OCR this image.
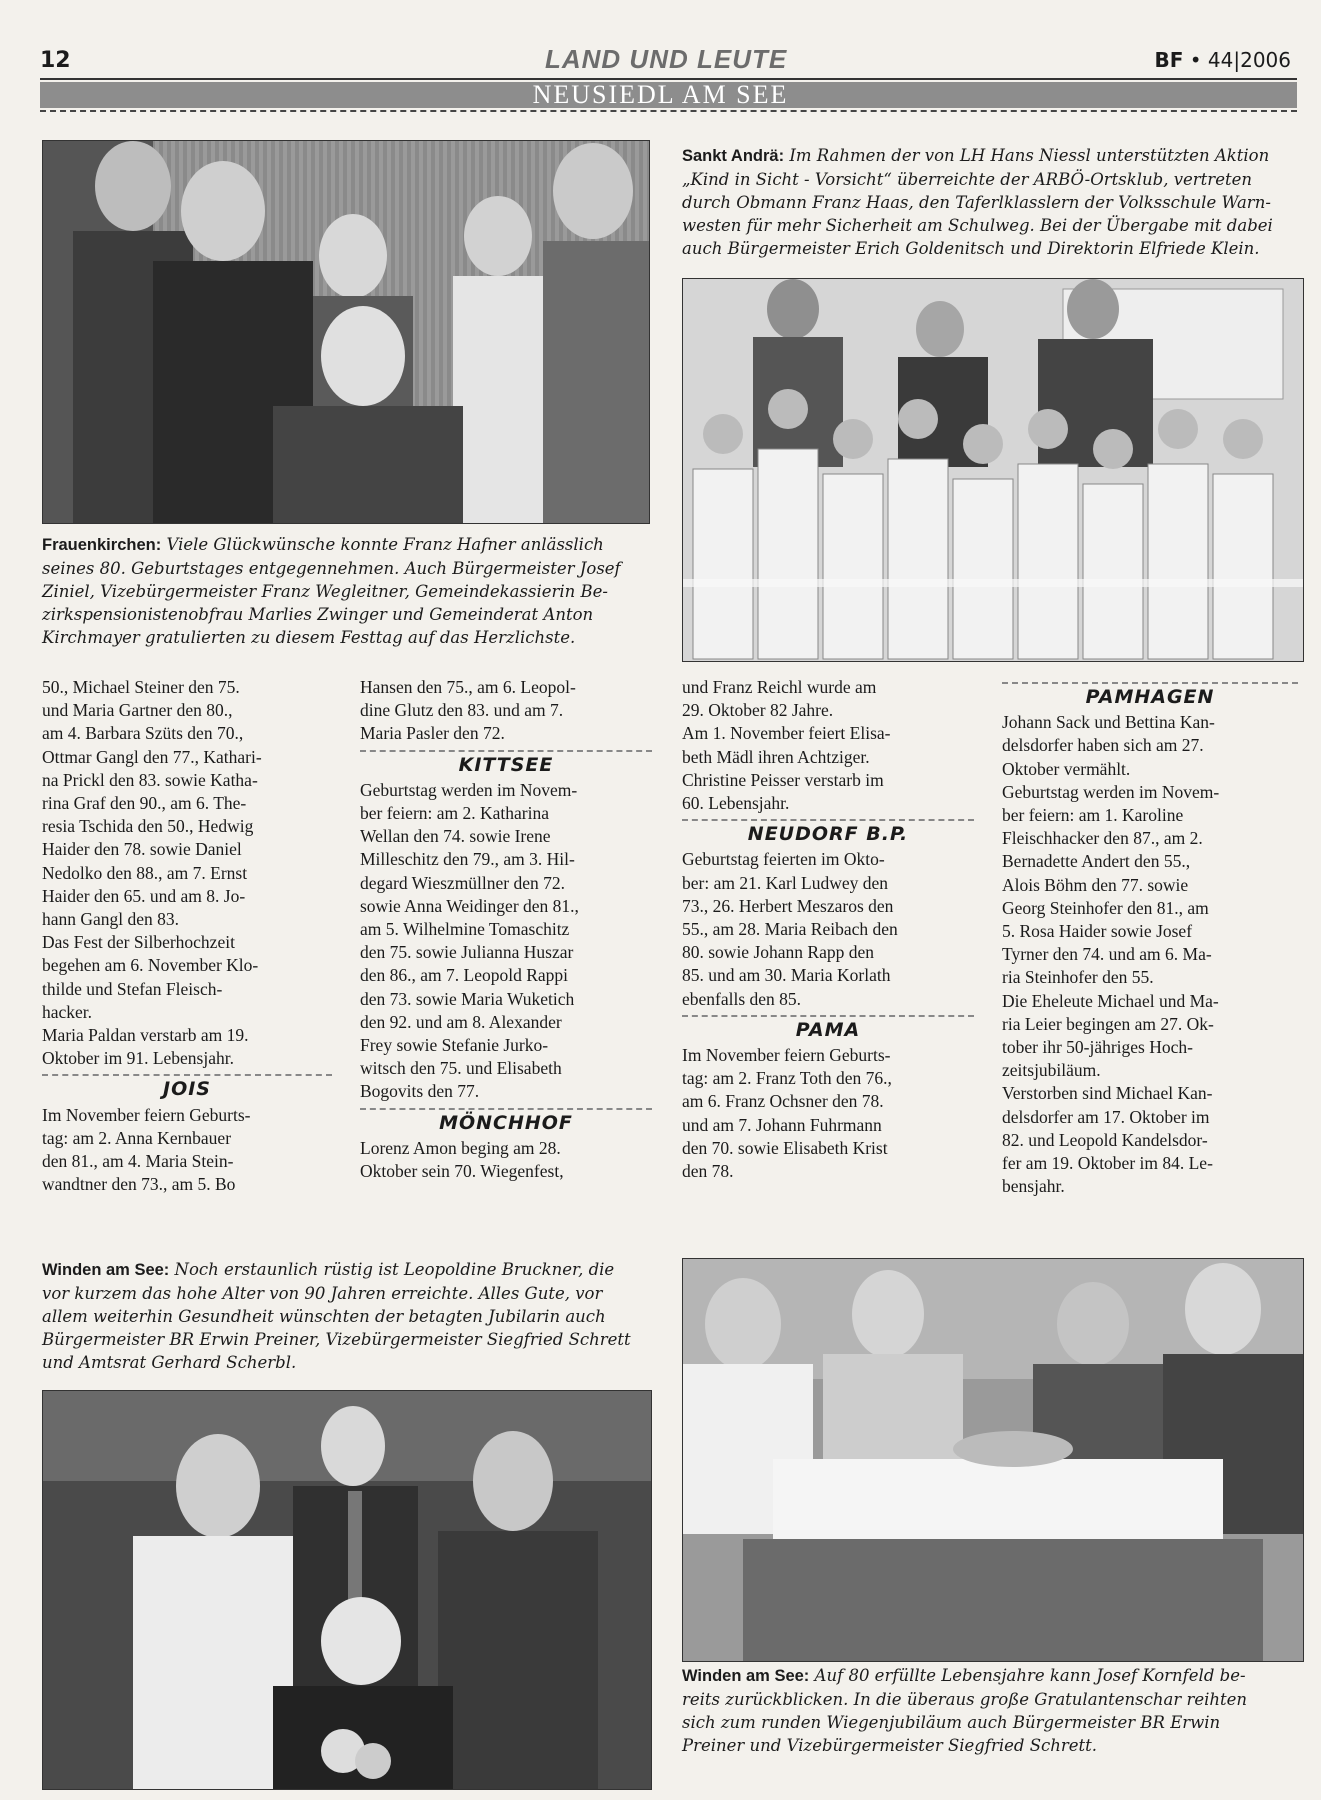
12	LAND UND LEUTE	BF • 44|2006
NEUSIEDL AM SEE
Frauenkirchen: Viele Glückwünsche konnte Franz Hafner anlässlich
seines 80. Geburtstages entgegennehmen. Auch Bürgermeister Josef
Ziniel, Vizebürgermeister Franz Wegleitner, Gemeindekassierin Be-
zirkspensionistenobfrau Marlies Zwinger und Gemeinderat Anton
Kirchmayer gratulierten zu diesem Festtag auf das Herzlichste.
Sankt Andrä: Im Rahmen der von LH Hans Niessl unterstützten Aktion
„Kind in Sicht - Vorsicht“ überreichte der ARBÖ-Ortsklub, vertreten
durch Obmann Franz Haas, den Taferlklasslern der Volksschule Warn-
westen für mehr Sicherheit am Schulweg. Bei der Übergabe mit dabei
auch Bürgermeister Erich Goldenitsch und Direktorin Elfriede Klein.

50., Michael Steiner den 75.

und Maria Gartner den 80.,

am 4. Barbara Szüts den 70.,

Ottmar Gangl den 77., Kathari-

na Prickl den 83. sowie Katha-

rina Graf den 90., am 6. The-

resia Tschida den 50., Hedwig

Haider den 78. sowie Daniel

Nedolko den 88., am 7. Ernst

Haider den 65. und am 8. Jo-

hann Gangl den 83.

Das Fest der Silberhochzeit

begehen am 6. November Klo-

thilde und Stefan Fleisch-

hacker.

Maria Paldan verstarb am 19.

Oktober im 91. Lebensjahr.

JOIS

Im November feiern Geburts-

tag: am 2. Anna Kernbauer

den 81., am 4. Maria Stein-

wandtner den 73., am 5. Bo

Hansen den 75., am 6. Leopol-

dine Glutz den 83. und am 7.

Maria Pasler den 72.

KITTSEE

Geburtstag werden im Novem-

ber feiern: am 2. Katharina

Wellan den 74. sowie Irene

Milleschitz den 79., am 3. Hil-

degard Wieszmüllner den 72.

sowie Anna Weidinger den 81.,

am 5. Wilhelmine Tomaschitz

den 75. sowie Julianna Huszar

den 86., am 7. Leopold Rappi

den 73. sowie Maria Wuketich

den 92. und am 8. Alexander

Frey sowie Stefanie Jurko-

witsch den 75. und Elisabeth

Bogovits den 77.

MÖNCHHOF

Lorenz Amon beging am 28.

Oktober sein 70. Wiegenfest,

und Franz Reichl wurde am

29. Oktober 82 Jahre.

Am 1. November feiert Elisa-

beth Mädl ihren Achtziger.

Christine Peisser verstarb im

60. Lebensjahr.

NEUDORF B.P.

Geburtstag feierten im Okto-

ber: am 21. Karl Ludwey den

73., 26. Herbert Meszaros den

55., am 28. Maria Reibach den

80. sowie Johann Rapp den

85. und am 30. Maria Korlath

ebenfalls den 85.

PAMA

Im November feiern Geburts-

tag: am 2. Franz Toth den 76.,

am 6. Franz Ochsner den 78.

und am 7. Johann Fuhrmann

den 70. sowie Elisabeth Krist

den 78.

PAMHAGEN

Johann Sack und Bettina Kan-

delsdorfer haben sich am 27.

Oktober vermählt.

Geburtstag werden im Novem-

ber feiern: am 1. Karoline

Fleischhacker den 87., am 2.

Bernadette Andert den 55.,

Alois Böhm den 77. sowie

Georg Steinhofer den 81., am

5. Rosa Haider sowie Josef

Tyrner den 74. und am 6. Ma-

ria Steinhofer den 55.

Die Eheleute Michael und Ma-

ria Leier begingen am 27. Ok-

tober ihr 50-jähriges Hoch-

zeitsjubiläum.

Verstorben sind Michael Kan-

delsdorfer am 17. Oktober im

82. und Leopold Kandelsdor-

fer am 19. Oktober im 84. Le-

bensjahr.

Winden am See: Noch erstaunlich rüstig ist Leopoldine Bruckner, die
vor kurzem das hohe Alter von 90 Jahren erreichte. Alles Gute, vor
allem weiterhin Gesundheit wünschten der betagten Jubilarin auch
Bürgermeister BR Erwin Preiner, Vizebürgermeister Siegfried Schrett
und Amtsrat Gerhard Scherbl.
Winden am See: Auf 80 erfüllte Lebensjahre kann Josef Kornfeld be-
reits zurückblicken. In die überaus große Gratulantenschar reihten
sich zum runden Wiegenjubiläum auch Bürgermeister BR Erwin
Preiner und Vizebürgermeister Siegfried Schrett.
